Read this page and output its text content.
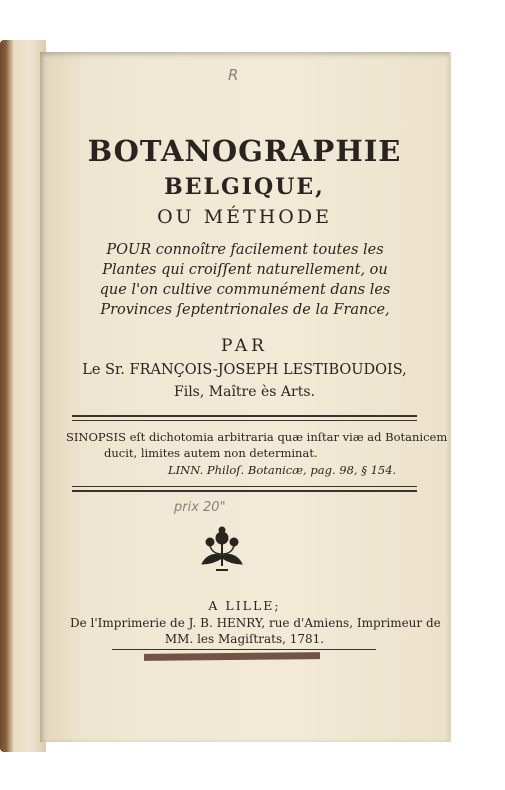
R
BOTANOGRAPHIE
BELGIQUE,
OU MÉTHODE
POUR connoître facilement toutes les
Plantes qui croiſſent naturellement, ou
que l'on cultive communément dans les
Provinces ſeptentrionales de la France,
PAR
Le Sr. FRANÇOIS-JOSEPH LESTIBOUDOIS,
Fils, Maître ès Arts.
SINOPSIS eſt dichotomia arbitraria quæ inſtar viæ ad Botanicem
ducit, limites autem non determinat.
LINN. Philoſ. Botanicæ, pag. 98, § 154.
prix 20"
A LILLE;
De l'Imprimerie de J. B. HENRY, rue d'Amiens, Imprimeur de
MM. les Magiſtrats, 1781.
